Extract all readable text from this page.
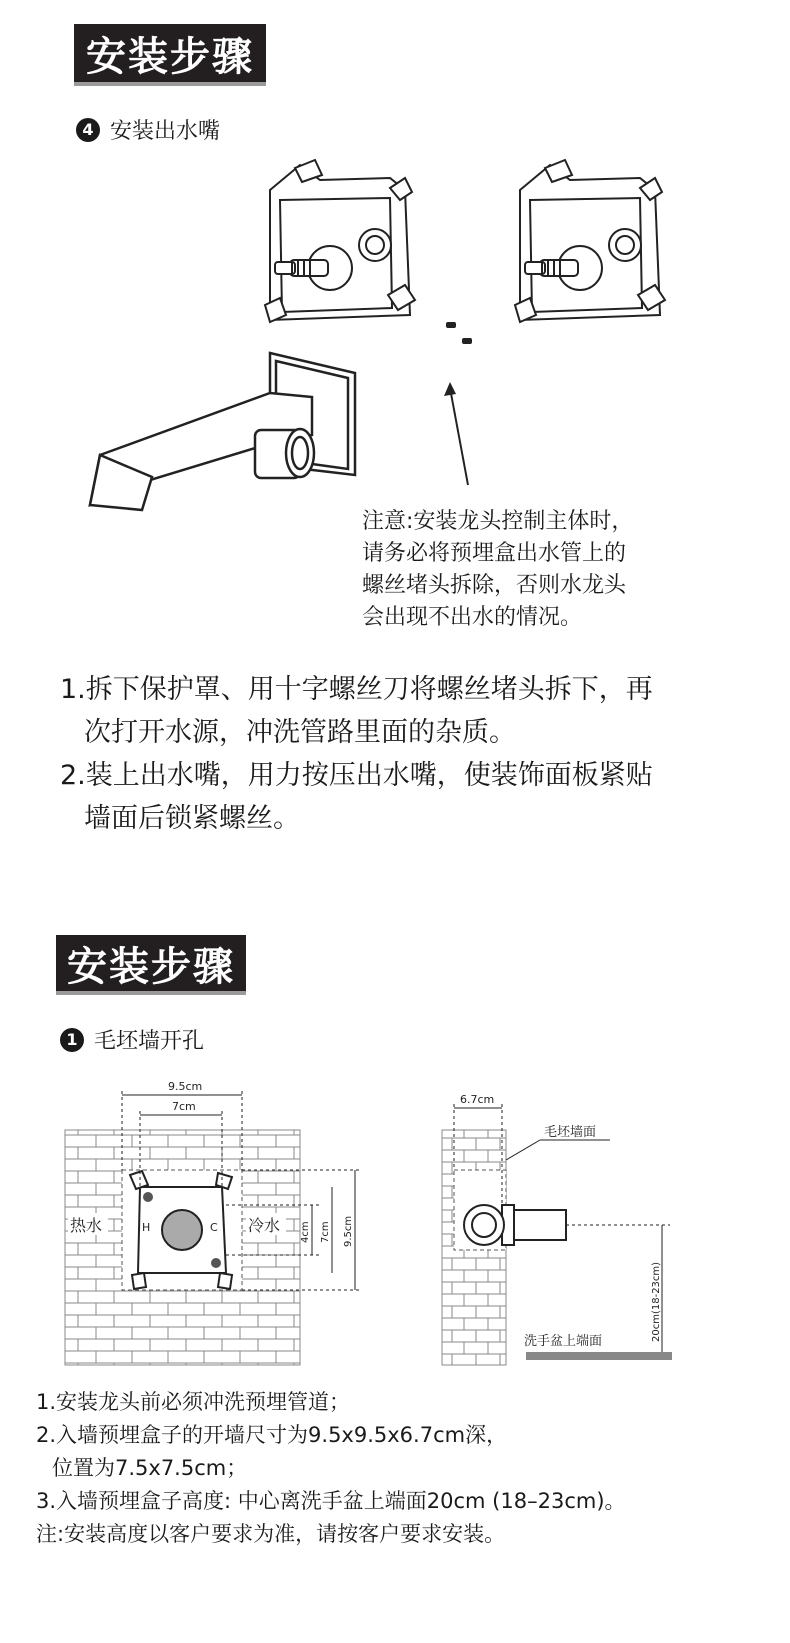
安装步骤
4 安装出水嘴
注意:安装龙头控制主体时，
请务必将预埋盒出水管上的
螺丝堵头拆除，否则水龙头
会出现不出水的情况。
1.拆下保护罩、用十字螺丝刀将螺丝堵头拆下，再
次打开水源，冲洗管路里面的杂质。
2.装上出水嘴，用力按压出水嘴，使装饰面板紧贴
墙面后锁紧螺丝。
安装步骤
1 毛坯墙开孔
H	C
9.5cm
7cm
4cm 7cm 9.5cm
热水	冷水
6.7cm
毛坯墙面
20cm(18-23cm)
洗手盆上端面
1.安装龙头前必须冲洗预埋管道；
2.入墙预埋盒子的开墙尺寸为9.5x9.5x6.7cm深，
位置为7.5x7.5cm；
3.入墙预埋盒子高度: 中心离洗手盆上端面20cm (18–23cm)。
注:安装高度以客户要求为准，请按客户要求安装。
